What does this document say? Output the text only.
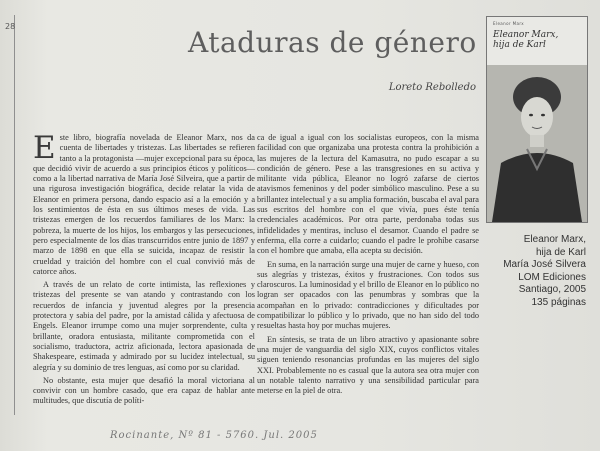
28	Ataduras de género
Loreto Rebolledo

Este libro, biografía novelada de Eleanor Marx, nos da cuenta de libertades y tristezas. Las libertades se refieren tanto a la protagonista —mujer excepcional para su época, que decidió vivir de acuerdo a sus principios éticos y políticos— como a la libertad narrativa de María José Silveira, que a partir de una rigurosa investigación biográfica, decide relatar la vida de Eleanor en primera persona, dando espacio así a la emoción y a los sentimientos de ésta en sus últimos meses de vida. Las tristezas emergen de los recuerdos familiares de los Marx: la pobreza, la muerte de los hijos, los embargos y las persecuciones, pero especialmente de los días transcurridos entre junio de 1897 y marzo de 1898 en que ella se suicida, incapaz de resistir la crueldad y traición del hombre con el cual convivió más de catorce años.

A través de un relato de corte intimista, las reflexiones y tristezas del presente se van atando y contrastando con los recuerdos de infancia y juventud alegres por la presencia protectora y sabia del padre, por la amistad cálida y afectuosa de Engels. Eleanor irrumpe como una mujer sorprendente, culta y brillante, oradora entusiasta, militante comprometida con el socialismo, traductora, actriz aficionada, lectora apasionada de Shakespeare, estimada y admirado por su lucidez intelectual, su alegría y su dominio de tres lenguas, así como por su claridad.

No obstante, esta mujer que desafió la moral victoriana al convivir con un hombre casado, que era capaz de hablar ante multitudes, que discutía de políti-

ca de igual a igual con los socialistas europeos, con la misma facilidad con que organizaba una protesta contra la prohibición a las mujeres de la lectura del Kamasutra, no pudo escapar a su condición de género. Pese a las transgresiones en su activa y militante vida pública, Eleanor no logró zafarse de ciertos atavismos femeninos y del poder simbólico masculino. Pese a su brillantez intelectual y a su amplia formación, buscaba el aval para sus escritos del hombre con el que vivía, pues éste tenía credenciales académicos. Por otra parte, perdonaba todas sus infidelidades y mentiras, incluso el desamor. Cuando el padre se enferma, ella corre a cuidarlo; cuando el padre le prohíbe casarse con el hombre que amaba, ella acepta su decisión.

En suma, en la narración surge una mujer de carne y hueso, con sus alegrías y tristezas, éxitos y frustraciones. Con todos sus claroscuros. La luminosidad y el brillo de Eleanor en lo público no logran ser opacados con las penumbras y sombras que la acompañan en lo privado: contradicciones y dificultades por compatibilizar lo público y lo privado, que no han sido del todo resueltas hasta hoy por muchas mujeres.

En síntesis, se trata de un libro atractivo y apasionante sobre una mujer de vanguardia del siglo XIX, cuyos conflictos vitales siguen teniendo resonancias profundas en las mujeres del siglo XXI. Probablemente no es casual que la autora sea otra mujer con un notable talento narrativo y una sensibilidad particular para meterse en la piel de otra.

Eleanor Marx
Eleanor Marx,
hija de Karl
Eleanor Marx,
hija de Karl
María José Silvera
LOM Ediciones
Santiago, 2005
135 páginas
Rocinante, Nº 81 - 5760. Jul. 2005
